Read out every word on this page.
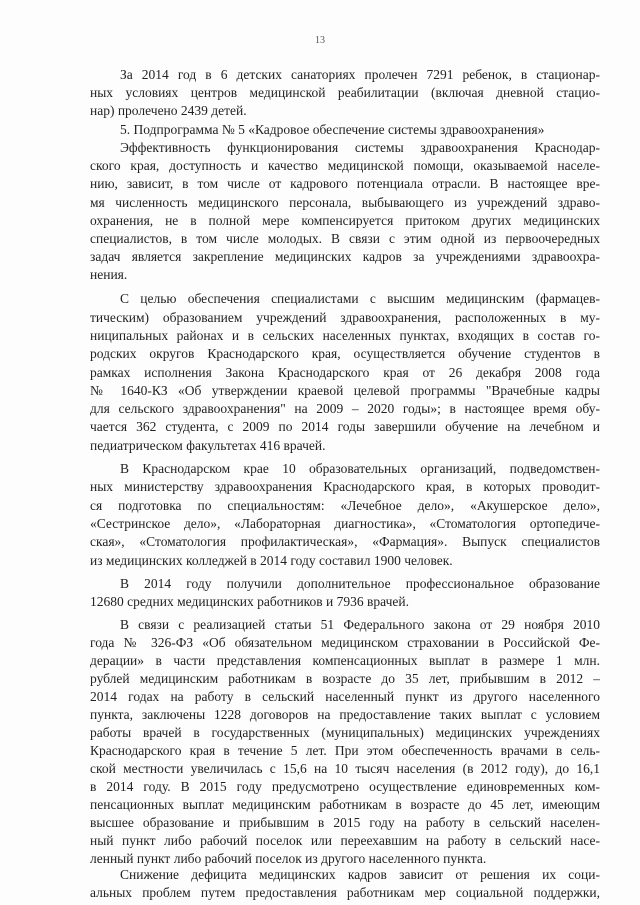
13
За 2014 год в 6 детских санаториях пролечен 7291 ребенок, в стационар-
ных условиях центров медицинской реабилитации (включая дневной стацио-
нар) пролечено 2439 детей.
5. Подпрограмма № 5 «Кадровое обеспечение системы здравоохранения»
Эффективность функционирования системы здравоохранения Краснодар-
ского края, доступность и качество медицинской помощи, оказываемой населе-
нию, зависит, в том числе от кадрового потенциала отрасли. В настоящее вре-
мя численность медицинского персонала, выбывающего из учреждений здраво-
охранения, не в полной мере компенсируется притоком других медицинских
специалистов, в том числе молодых. В связи с этим одной из первоочередных
задач является закрепление медицинских кадров за учреждениями здравоохра-
нения.
С целью обеспечения специалистами с высшим медицинским (фармацев-
тическим) образованием учреждений здравоохранения, расположенных в му-
ниципальных районах и в сельских населенных пунктах, входящих в состав го-
родских округов Краснодарского края, осуществляется обучение студентов в
рамках исполнения Закона Краснодарского края от 26 декабря 2008 года
№ 1640-КЗ «Об утверждении краевой целевой программы "Врачебные кадры
для сельского здравоохранения" на 2009 – 2020 годы»; в настоящее время обу-
чается 362 студента, с 2009 по 2014 годы завершили обучение на лечебном и
педиатрическом факультетах 416 врачей.
В Краснодарском крае 10 образовательных организаций, подведомствен-
ных министерству здравоохранения Краснодарского края, в которых проводит-
ся подготовка по специальностям: «Лечебное дело», «Акушерское дело»,
«Сестринское дело», «Лабораторная диагностика», «Стоматология ортопедиче-
ская», «Стоматология профилактическая», «Фармация». Выпуск специалистов
из медицинских колледжей в 2014 году составил 1900 человек.
В 2014 году получили дополнительное профессиональное образование
12680 средних медицинских работников и 7936 врачей.
В связи с реализацией статьи 51 Федерального закона от 29 ноября 2010
года № 326-ФЗ «Об обязательном медицинском страховании в Российской Фе-
дерации» в части представления компенсационных выплат в размере 1 млн.
рублей медицинским работникам в возрасте до 35 лет, прибывшим в 2012 –
2014 годах на работу в сельский населенный пункт из другого населенного
пункта, заключены 1228 договоров на предоставление таких выплат с условием
работы врачей в государственных (муниципальных) медицинских учреждениях
Краснодарского края в течение 5 лет. При этом обеспеченность врачами в сель-
ской местности увеличилась с 15,6 на 10 тысяч населения (в 2012 году), до 16,1
в 2014 году. В 2015 году предусмотрено осуществление единовременных ком-
пенсационных выплат медицинским работникам в возрасте до 45 лет, имеющим
высшее образование и прибывшим в 2015 году на работу в сельский населен-
ный пункт либо рабочий поселок или переехавшим на работу в сельский насе-
ленный пункт либо рабочий поселок из другого населенного пункта.
Снижение дефицита медицинских кадров зависит от решения их соци-
альных проблем путем предоставления работникам мер социальной поддержки,
